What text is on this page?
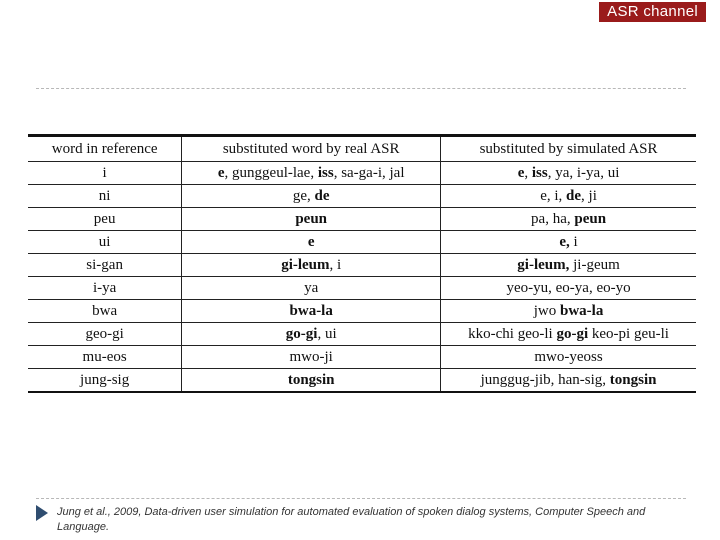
ASR channel
word in reference	substituted word by real ASR	substituted by simulated ASR
i	e, gunggeul-lae, iss, sa-ga-i, jal	e, iss, ya, i-ya, ui
ni	ge, de	e, i, de, ji
peu	peun	pa, ha, peun
ui	e	e, i
si-gan	gi-leum, i	gi-leum, ji-geum
i-ya	ya	yeo-yu, eo-ya, eo-yo
bwa	bwa-la	jwo bwa-la
geo-gi	go-gi, ui	kko-chi geo-li go-gi keo-pi geu-li
mu-eos	mwo-ji	mwo-yeoss
jung-sig	tongsin	junggug-jib, han-sig, tongsin
Jung et al., 2009, Data-driven user simulation for automated evaluation of spoken dialog systems, Computer Speech and Language.
